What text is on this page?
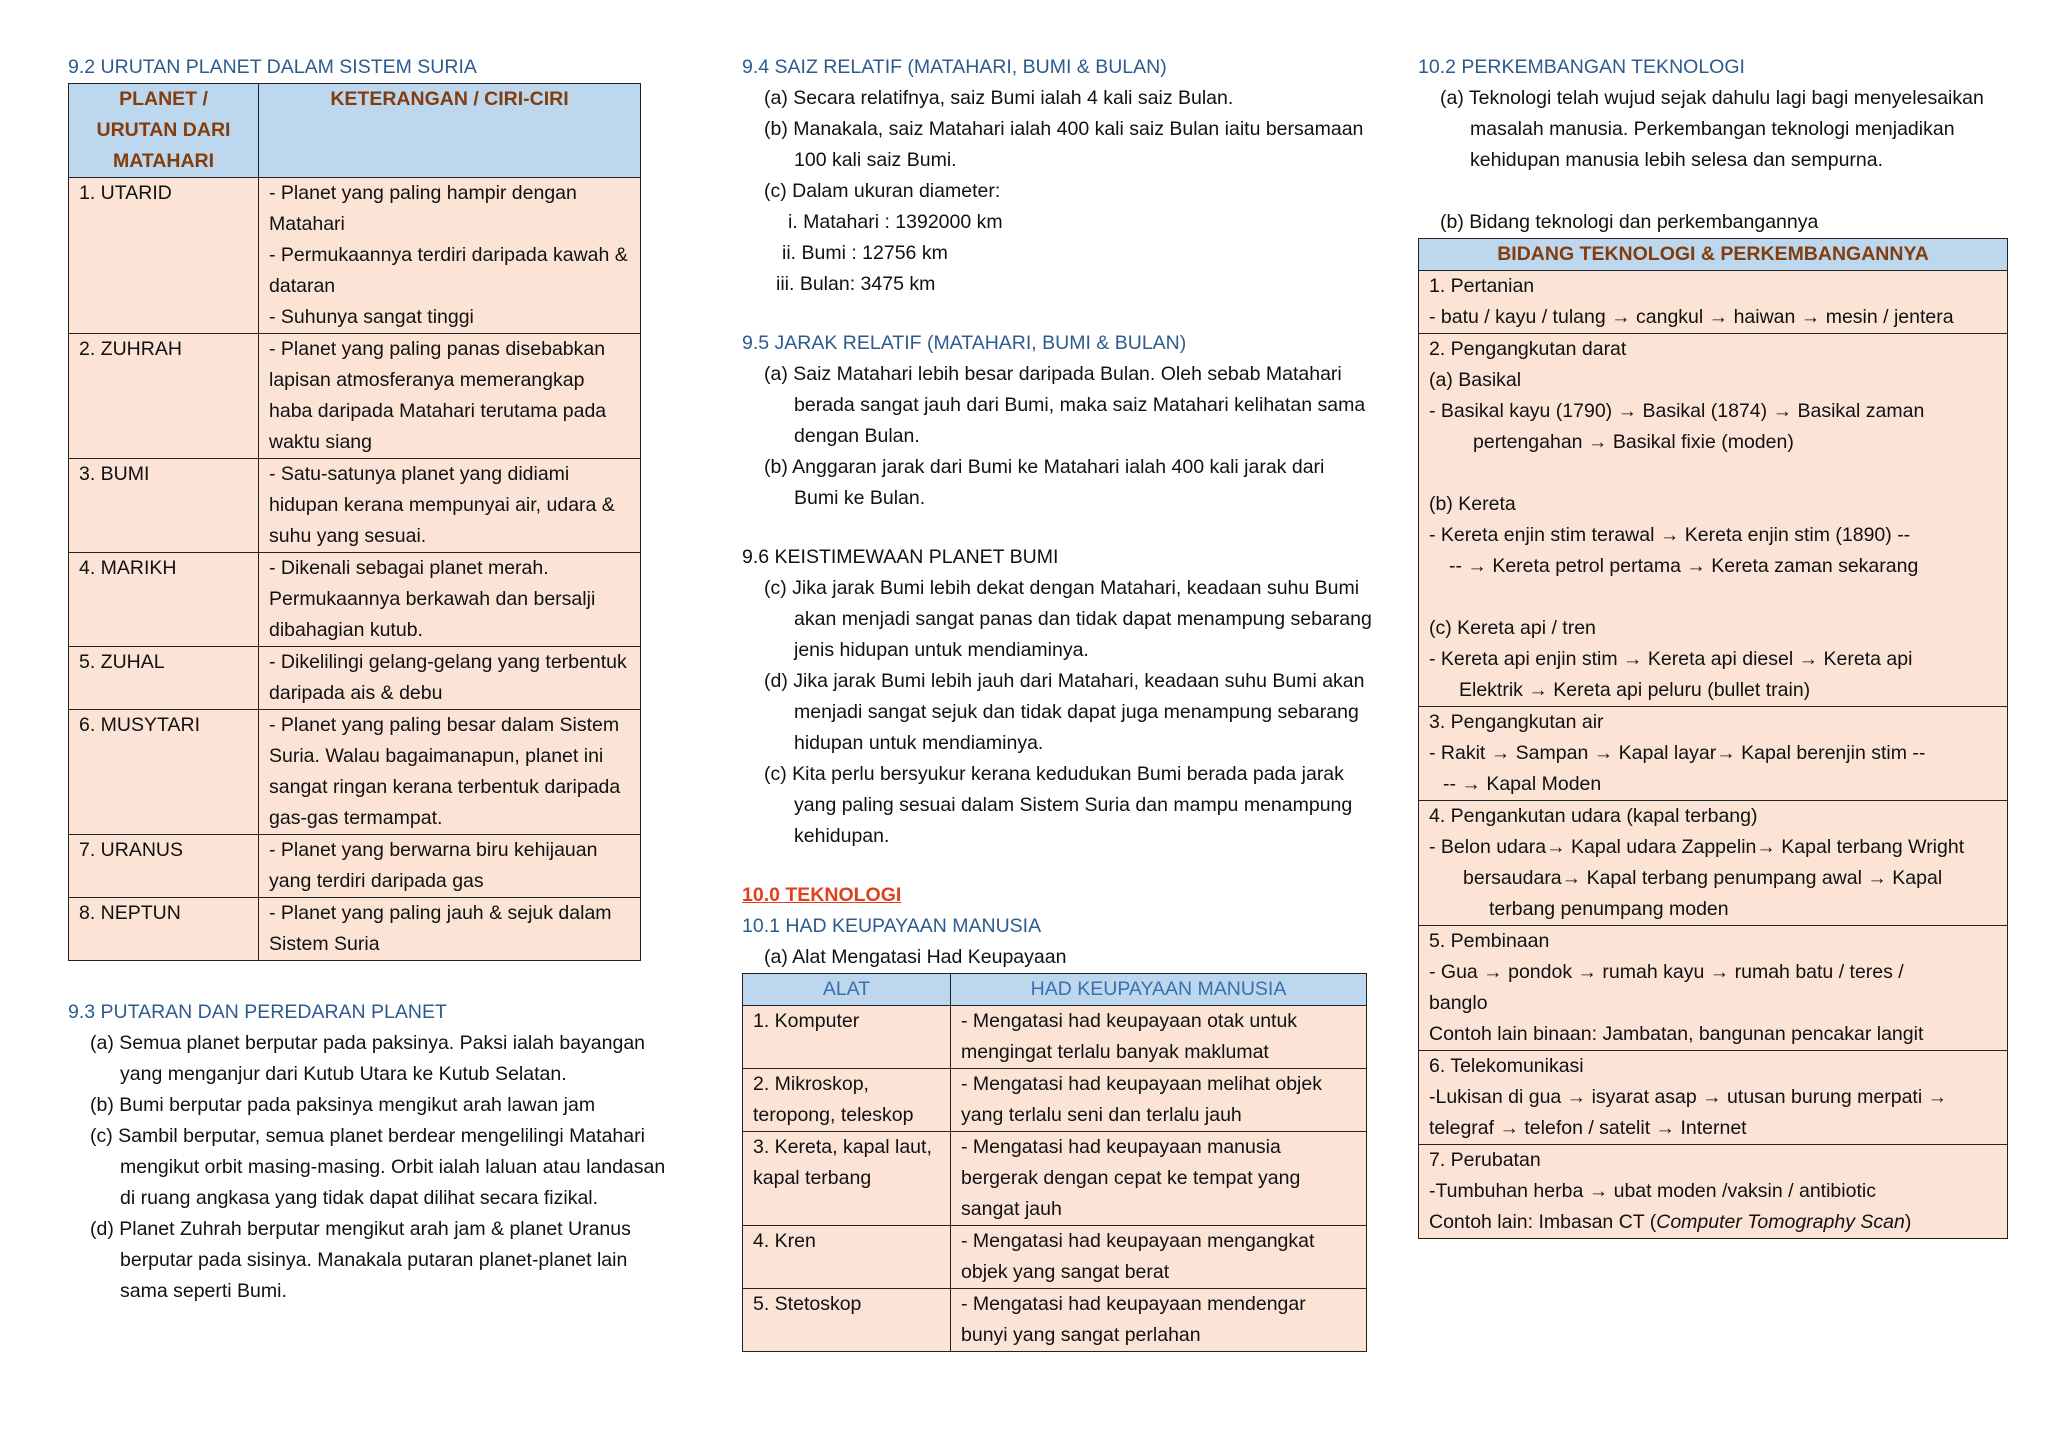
9.2 URUTAN PLANET DALAM SISTEM SURIA
PLANET /
URUTAN DARI
MATAHARI	KETERANGAN / CIRI-CIRI
1. UTARID	- Planet yang paling hampir dengan Matahari
- Permukaannya terdiri daripada kawah & dataran
- Suhunya sangat tinggi

2. ZUHRAH	- Planet yang paling panas disebabkan lapisan atmosferanya memerangkap haba daripada Matahari terutama pada waktu siang
3. BUMI	- Satu-satunya planet yang didiami hidupan kerana mempunyai air, udara & suhu yang sesuai.
4. MARIKH	- Dikenali sebagai planet merah. Permukaannya berkawah dan bersalji dibahagian kutub.
5. ZUHAL	- Dikelilingi gelang-gelang yang terbentuk daripada ais & debu
6. MUSYTARI	- Planet yang paling besar dalam Sistem Suria. Walau bagaimanapun, planet ini sangat ringan kerana terbentuk daripada gas-gas termampat.
7. URANUS	- Planet yang berwarna biru kehijauan yang terdiri daripada gas
8. NEPTUN	- Planet yang paling jauh & sejuk dalam Sistem Suria
9.3 PUTARAN DAN PEREDARAN PLANET

(a) Semua planet berputar pada paksinya. Paksi ialah bayangan yang menganjur dari Kutub Utara ke Kutub Selatan.

(b) Bumi berputar pada paksinya mengikut arah lawan jam

(c) Sambil berputar, semua planet berdear mengelilingi Matahari mengikut orbit masing-masing. Orbit ialah laluan atau landasan di ruang angkasa yang tidak dapat dilihat secara fizikal.

(d) Planet Zuhrah berputar mengikut arah jam & planet Uranus berputar pada sisinya. Manakala putaran planet-planet lain sama seperti Bumi.

9.4 SAIZ RELATIF (MATAHARI, BUMI & BULAN)

(a) Secara relatifnya, saiz Bumi ialah 4 kali saiz Bulan.

(b) Manakala, saiz Matahari ialah 400 kali saiz Bulan iaitu bersamaan 100 kali saiz Bumi.

(c) Dalam ukuran diameter:

i. Matahari : 1392000 km

ii. Bumi : 12756 km

iii. Bulan: 3475 km

9.5 JARAK RELATIF (MATAHARI, BUMI & BULAN)

(a) Saiz Matahari lebih besar daripada Bulan. Oleh sebab Matahari berada sangat jauh dari Bumi, maka saiz Matahari kelihatan sama dengan Bulan.

(b) Anggaran jarak dari Bumi ke Matahari ialah 400 kali jarak dari Bumi ke Bulan.

9.6 KEISTIMEWAAN PLANET BUMI

(c) Jika jarak Bumi lebih dekat dengan Matahari, keadaan suhu Bumi akan menjadi sangat panas dan tidak dapat menampung sebarang jenis hidupan untuk mendiaminya.

(d) Jika jarak Bumi lebih jauh dari Matahari, keadaan suhu Bumi akan menjadi sangat sejuk dan tidak dapat juga menampung sebarang hidupan untuk mendiaminya.

(c) Kita perlu bersyukur kerana kedudukan Bumi berada pada jarak yang paling sesuai dalam Sistem Suria dan mampu menampung kehidupan.

10.0 TEKNOLOGI
10.1 HAD KEUPAYAAN MANUSIA

(a) Alat Mengatasi Had Keupayaan

ALAT	HAD KEUPAYAAN MANUSIA
1. Komputer	- Mengatasi had keupayaan otak untuk mengingat terlalu banyak maklumat
2. Mikroskop, teropong, teleskop	- Mengatasi had keupayaan melihat objek yang terlalu seni dan terlalu jauh
3. Kereta, kapal laut, kapal terbang	- Mengatasi had keupayaan manusia bergerak dengan cepat ke tempat yang sangat jauh
4. Kren	- Mengatasi had keupayaan mengangkat objek yang sangat berat
5. Stetoskop	- Mengatasi had keupayaan mendengar bunyi yang sangat perlahan
10.2 PERKEMBANGAN TEKNOLOGI

(a) Teknologi telah wujud sejak dahulu lagi bagi menyelesaikan masalah manusia. Perkembangan teknologi menjadikan kehidupan manusia lebih selesa dan sempurna.

(b) Bidang teknologi dan perkembangannya

BIDANG TEKNOLOGI & PERKEMBANGANNYA

1. Pertanian
- batu / kayu / tulang → cangkul → haiwan → mesin / jentera

2. Pengangkutan darat
(a) Basikal
- Basikal kayu (1790) → Basikal (1874) → Basikal zaman
pertengahan → Basikal fixie (moden)
(b) Kereta
- Kereta enjin stim terawal → Kereta enjin stim (1890) --
-- → Kereta petrol pertama → Kereta zaman sekarang
(c) Kereta api / tren
- Kereta api enjin stim → Kereta api diesel → Kereta api
Elektrik → Kereta api peluru (bullet train)

3. Pengangkutan air
- Rakit → Sampan → Kapal layar→ Kapal berenjin stim --
-- → Kapal Moden

4. Pengankutan udara (kapal terbang)
- Belon udara→ Kapal udara Zappelin→ Kapal terbang Wright
bersaudara→ Kapal terbang penumpang awal → Kapal
terbang penumpang moden

5. Pembinaan
- Gua → pondok → rumah kayu → rumah batu / teres /
banglo
Contoh lain binaan: Jambatan, bangunan pencakar langit

6. Telekomunikasi
-Lukisan di gua → isyarat asap → utusan burung merpati →
telegraf → telefon / satelit → Internet

7. Perubatan
-Tumbuhan herba → ubat moden /vaksin / antibiotic
Contoh lain: Imbasan CT (Computer Tomography Scan)
